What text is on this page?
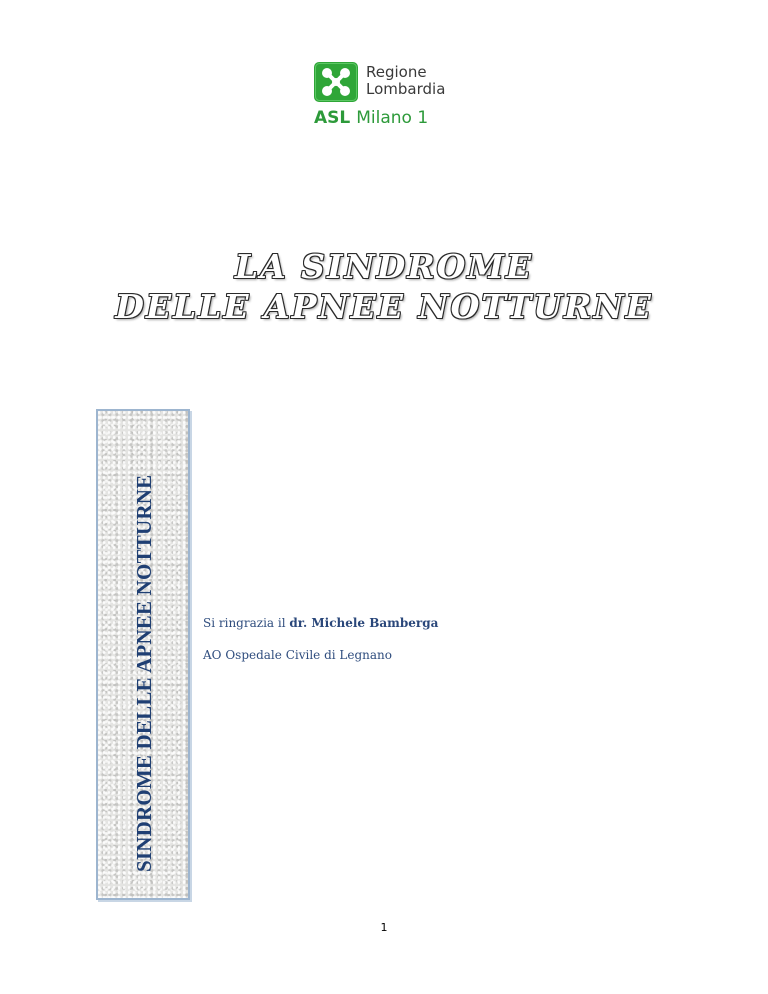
Regione
Lombardia

ASL Milano 1
LA SINDROME
DELLE APNEE NOTTURNE
SINDROME DELLE APNEE NOTTURNE	Si ringrazia il dr. Michele Bamberga

AO Ospedale Civile di Legnano

1
